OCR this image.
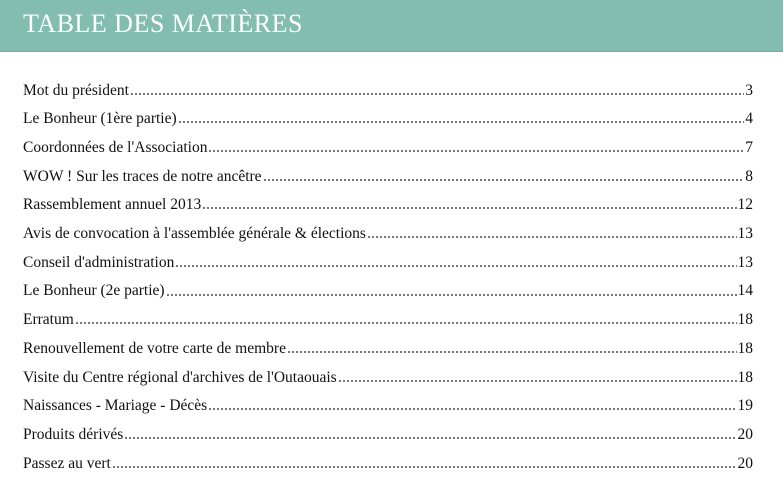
TABLE DES MATIÈRES
Mot du président	3
Le Bonheur (1ère partie)	4
Coordonnées de l'Association	7
WOW ! Sur les traces de notre ancêtre	8
Rassemblement annuel 2013	12
Avis de convocation à l'assemblée générale & élections	13
Conseil d'administration	13
Le Bonheur (2e partie)	14
Erratum	18
Renouvellement de votre carte de membre	18
Visite du Centre régional d'archives de l'Outaouais	18
Naissances - Mariage - Décès	19
Produits dérivés	20
Passez au vert	20
